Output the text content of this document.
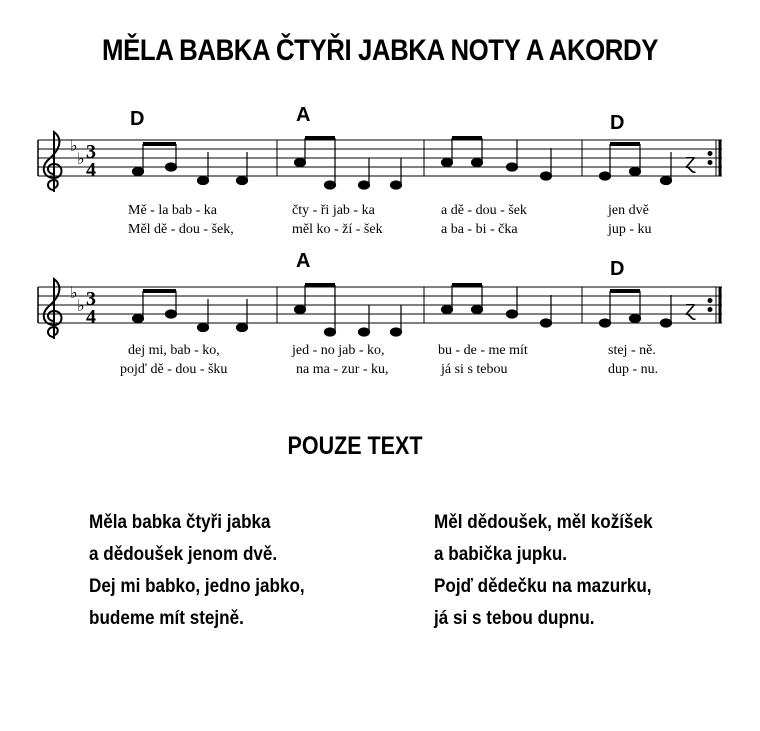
MĚLA BABKA ČTYŘI JABKA NOTY A AKORDY
D	A	D
♭
♭ 3
4	ɀ
Mě - la bab - ka	čty - ři jab - ka	a dě - dou - šek	jen dvě
Měl dě - dou - šek,	měl ko - ží - šek	a ba - bi - čka	jup - ku
A	D
♭
♭ 3
4	ɀ
dej mi, bab - ko,	jed - no jab - ko,	bu - de - me mít	stej - ně.
pojď dě - dou - šku	na ma - zur - ku,	já si s tebou	dup - nu.
POUZE TEXT
Měla babka čtyři jabka
a dědoušek jenom dvě.
Dej mi babko, jedno jabko,
budeme mít stejně.
Měl dědoušek, měl kožíšek
a babička jupku.
Pojď dědečku na mazurku,
já si s tebou dupnu.
